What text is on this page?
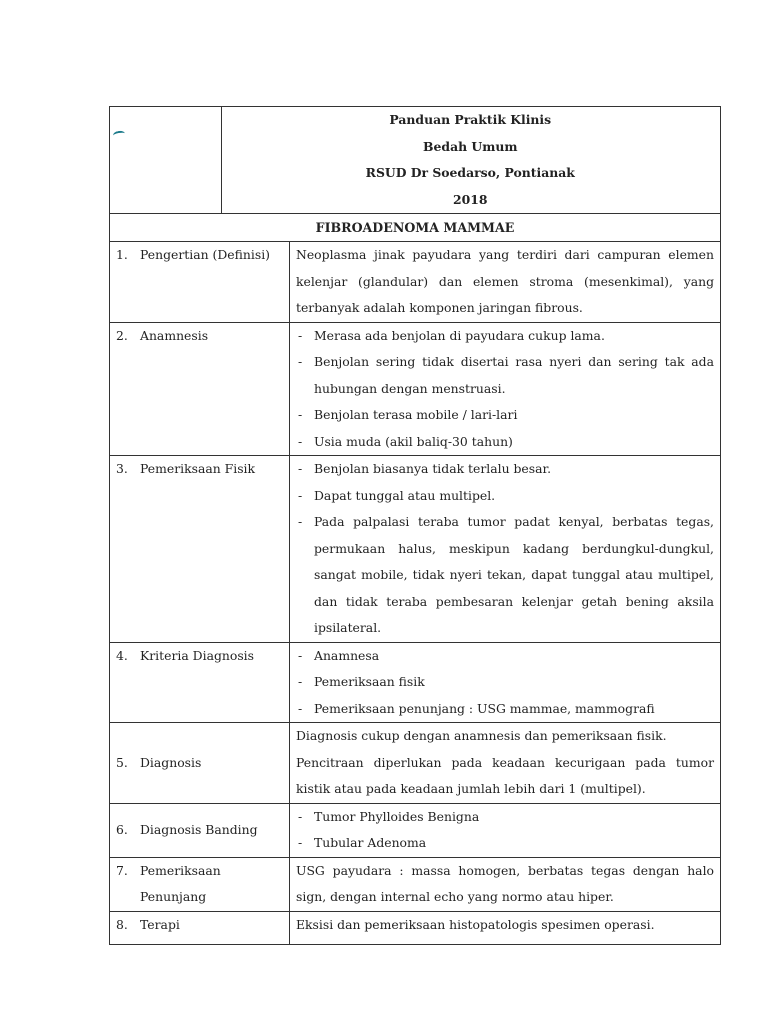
Panduan Praktik Klinis
Bedah Umum
RSUD Dr Soedarso, Pontianak
2018

FIBROADENOMA MAMMAE
1. Pengertian (Definisi)	Neoplasma jinak payudara yang terdiri dari campuran elemen kelenjar (glandular) dan elemen stroma (mesenkimal), yang terbanyak adalah komponen jaringan fibrous.
2. Anamnesis	
-Merasa ada benjolan di payudara cukup lama.
- Benjolan sering tidak disertai rasa nyeri dan sering tak ada hubungan dengan menstruasi.
- Benjolan terasa mobile / lari-lari
- Usia muda (akil baliq-30 tahun)

3. Pemeriksaan Fisik	
-Benjolan biasanya tidak terlalu besar.
- Dapat tunggal atau multipel.
- Pada palpalasi teraba tumor padat kenyal, berbatas tegas, permukaan halus, meskipun kadang berdungkul-dungkul, sangat mobile, tidak nyeri tekan, dapat tunggal atau multipel, dan tidak teraba pembesaran kelenjar getah bening aksila ipsilateral.

4. Kriteria Diagnosis	
-Anamnesa
- Pemeriksaan fisik
- Pemeriksaan penunjang : USG mammae, mammografi

5. Diagnosis	
Diagnosis cukup dengan anamnesis dan pemeriksaan fisik.
Pencitraan diperlukan pada keadaan kecurigaan pada tumor kistik atau pada keadaan jumlah lebih dari 1 (multipel).

6. Diagnosis Banding	
- Tumor Phylloides Benigna
- Tubular Adenoma

7. Pemeriksaan Penunjang	USG payudara : massa homogen, berbatas tegas dengan halo sign, dengan internal echo yang normo atau hiper.
8. Terapi	Eksisi dan pemeriksaan histopatologis spesimen operasi.
